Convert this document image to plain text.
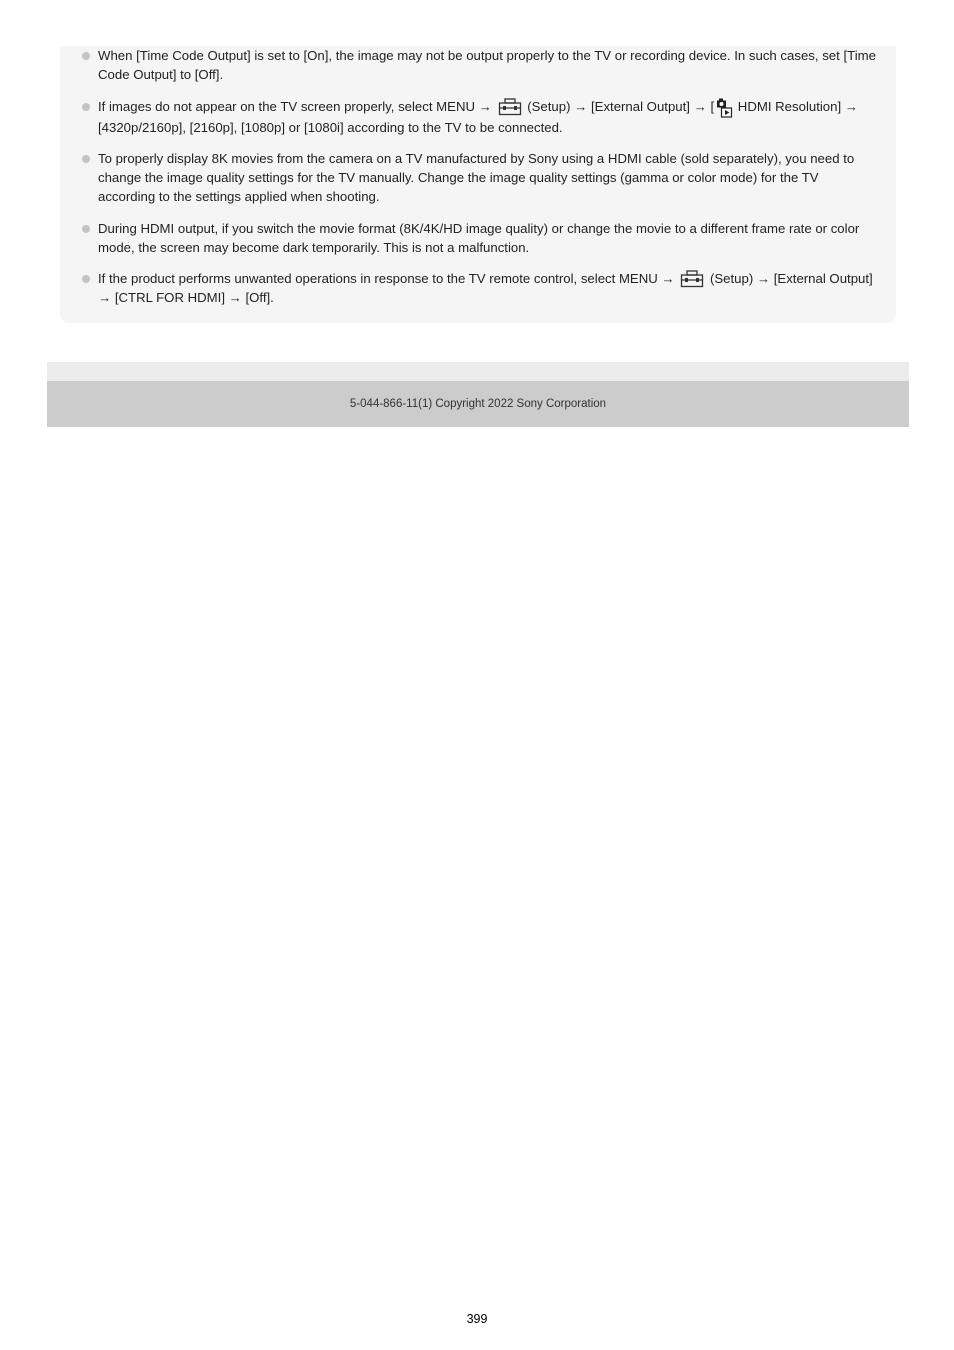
When [Time Code Output] is set to [On], the image may not be output properly to the TV or recording device. In such cases, set [Time Code Output] to [Off].
If images do not appear on the TV screen properly, select MENU →	(Setup) → [External Output] → [ HDMI Resolution] → [4320p/2160p], [2160p], [1080p] or [1080i] according to the TV to be connected.
To properly display 8K movies from the camera on a TV manufactured by Sony using a HDMI cable (sold separately), you need to change the image quality settings for the TV manually. Change the image quality settings (gamma or color mode) for the TV according to the settings applied when shooting.
During HDMI output, if you switch the movie format (8K/4K/HD image quality) or change the movie to a different frame rate or color mode, the screen may become dark temporarily. This is not a malfunction.
If the product performs unwanted operations in response to the TV remote control, select MENU →	(Setup) → [External Output] → [CTRL FOR HDMI] → [Off].
5-044-866-11(1) Copyright 2022 Sony Corporation
399
